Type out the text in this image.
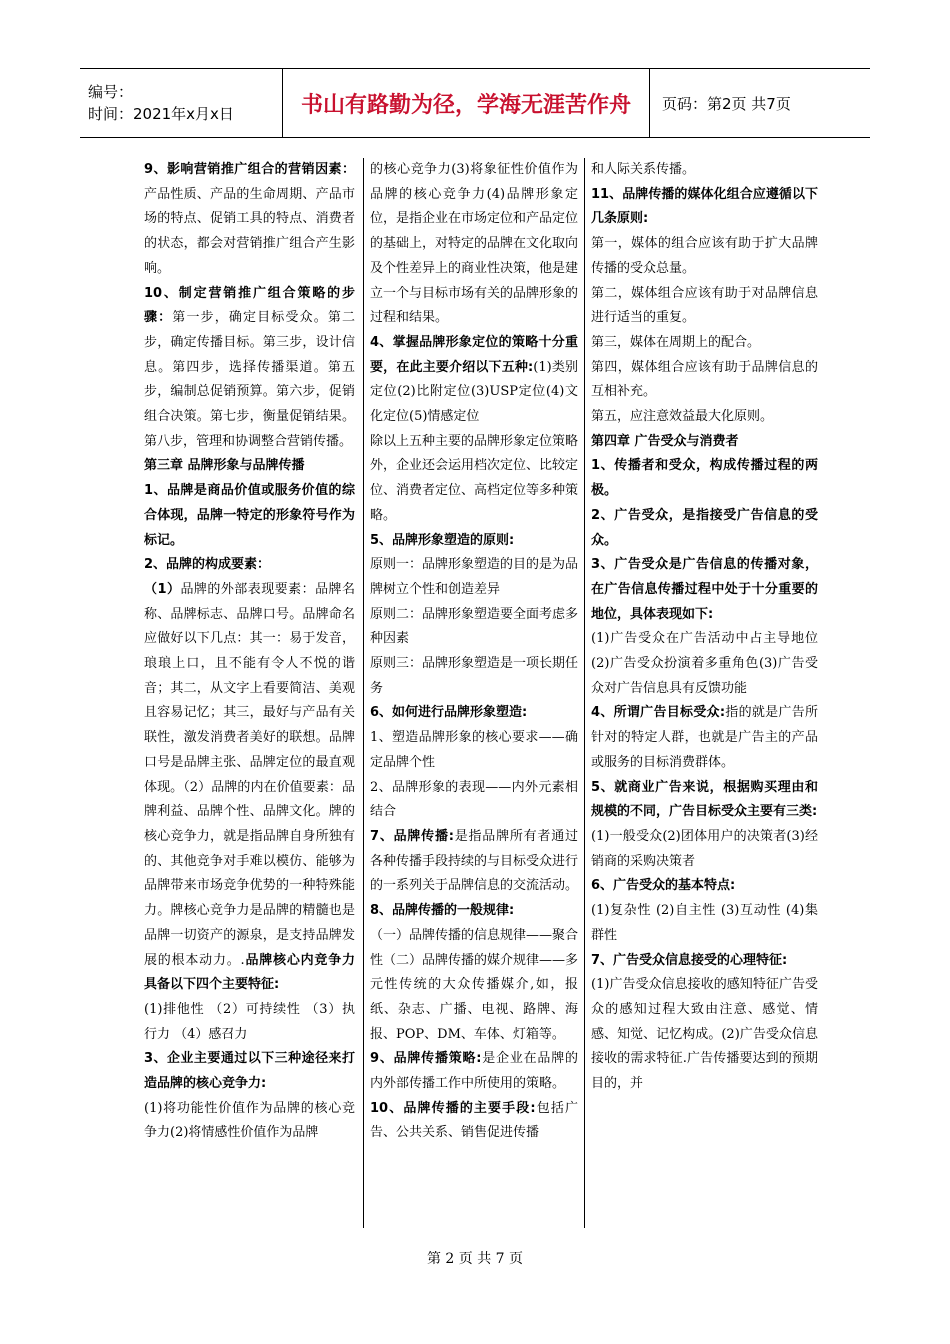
编号：
时间：2021年x月x日	书山有路勤为径，学海无涯苦作舟 页码：第2页 共7页

9、影响营销推广组合的营销因素：产品性质、产品的生命周期、产品市场的特点、促销工具的特点、消费者的状态，都会对营销推广组合产生影响。

10、制定营销推广组合策略的步骤：第一步，确定目标受众。第二步，确定传播目标。第三步，设计信息。第四步，选择传播渠道。第五步，编制总促销预算。第六步，促销组合决策。第七步，衡量促销结果。第八步，管理和协调整合营销传播。

第三章 品牌形象与品牌传播

1、品牌是商品价值或服务价值的综合体现，品牌一特定的形象符号作为标记。

2、品牌的构成要素：

（1）品牌的外部表现要素：品牌名称、品牌标志、品牌口号。品牌命名应做好以下几点：其一：易于发音，琅琅上口，且不能有令人不悦的谐音；其二，从文字上看要简洁、美观且容易记忆；其三，最好与产品有关联性，激发消费者美好的联想。品牌口号是品牌主张、品牌定位的最直观体现。（2）品牌的内在价值要素：品牌利益、品牌个性、品牌文化。牌的核心竞争力，就是指品牌自身所独有的、其他竞争对手难以模仿、能够为品牌带来市场竞争优势的一种特殊能力。牌核心竞争力是品牌的精髓也是品牌一切资产的源泉，是支持品牌发展的根本动力。.品牌核心内竞争力具备以下四个主要特征:

(1)排他性 （2）可持续性 （3）执行力 （4）感召力

3、企业主要通过以下三种途径来打造品牌的核心竞争力:

(1)将功能性价值作为品牌的核心竞争力(2)将情感性价值作为品牌

的核心竞争力(3)将象征性价值作为品牌的核心竞争力(4)品牌形象定位，是指企业在市场定位和产品定位的基础上，对特定的品牌在文化取向及个性差异上的商业性决策，他是建立一个与目标市场有关的品牌形象的过程和结果。

4、掌握品牌形象定位的策略十分重要，在此主要介绍以下五种:(1)类别定位(2)比附定位(3)USP定位(4)文化定位(5)情感定位

除以上五种主要的品牌形象定位策略外，企业还会运用档次定位、比较定位、消费者定位、高档定位等多种策略。

5、品牌形象塑造的原则:

原则一：品牌形象塑造的目的是为品牌树立个性和创造差异

原则二：品牌形象塑造要全面考虑多种因素

原则三：品牌形象塑造是一项长期任务

6、如何进行品牌形象塑造:

1、塑造品牌形象的核心要求——确定品牌个性

2、品牌形象的表现——内外元素相结合

7、品牌传播:是指品牌所有者通过各种传播手段持续的与目标受众进行的一系列关于品牌信息的交流活动。

8、品牌传播的一般规律:

（一）品牌传播的信息规律——聚合性（二）品牌传播的媒介规律——多元性传统的大众传播媒介,如，报纸、杂志、广播、电视、路牌、海报、POP、DM、车体、灯箱等。

9、品牌传播策略:是企业在品牌的内外部传播工作中所使用的策略。

10、品牌传播的主要手段:包括广告、公共关系、销售促进传播

和人际关系传播。

11、品牌传播的媒体化组合应遵循以下几条原则:

第一，媒体的组合应该有助于扩大品牌传播的受众总量。

第二，媒体组合应该有助于对品牌信息进行适当的重复。

第三，媒体在周期上的配合。

第四，媒体组合应该有助于品牌信息的互相补充。

第五，应注意效益最大化原则。

第四章 广告受众与消费者

1、传播者和受众，构成传播过程的两极。

2、广告受众，是指接受广告信息的受众。

3、广告受众是广告信息的传播对象，在广告信息传播过程中处于十分重要的地位，具体表现如下:

(1)广告受众在广告活动中占主导地位(2)广告受众扮演着多重角色(3)广告受众对广告信息具有反馈功能

4、所谓广告目标受众:指的就是广告所针对的特定人群，也就是广告主的产品或服务的目标消费群体。

5、就商业广告来说，根据购买理由和规模的不同，广告目标受众主要有三类:

(1)一般受众(2)团体用户的决策者(3)经销商的采购决策者

6、广告受众的基本特点:

(1)复杂性 (2)自主性 (3)互动性 (4)集群性

7、广告受众信息接受的心理特征:

(1)广告受众信息接收的感知特征广告受众的感知过程大致由注意、感觉、情感、知觉、记忆构成。(2)广告受众信息接收的需求特征.广告传播要达到的预期目的，并

第 2 页 共 7 页
